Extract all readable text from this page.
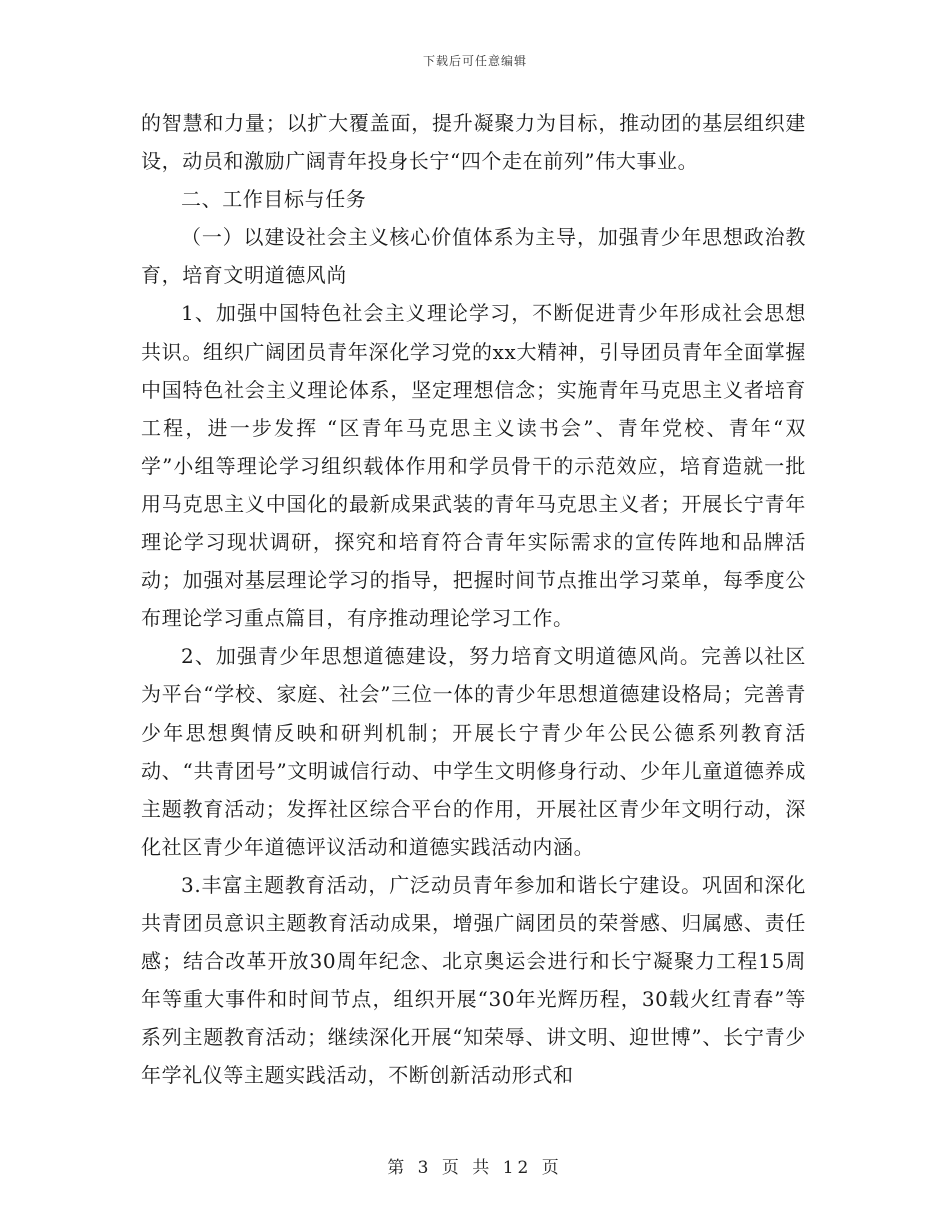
下载后可任意编辑

的智慧和力量；以扩大覆盖面，提升凝聚力为目标，推动团的基层组织建设，动员和激励广阔青年投身长宁“四个走在前列”伟大事业。

二、工作目标与任务

（一）以建设社会主义核心价值体系为主导，加强青少年思想政治教育，培育文明道德风尚

1、加强中国特色社会主义理论学习，不断促进青少年形成社会思想共识。组织广阔团员青年深化学习党的xx大精神，引导团员青年全面掌握中国特色社会主义理论体系，坚定理想信念；实施青年马克思主义者培育工程，进一步发挥 “区青年马克思主义读书会”、青年党校、青年“双学”小组等理论学习组织载体作用和学员骨干的示范效应，培育造就一批用马克思主义中国化的最新成果武装的青年马克思主义者；开展长宁青年理论学习现状调研，探究和培育符合青年实际需求的宣传阵地和品牌活动；加强对基层理论学习的指导，把握时间节点推出学习菜单，每季度公布理论学习重点篇目，有序推动理论学习工作。

2、加强青少年思想道德建设，努力培育文明道德风尚。完善以社区为平台“学校、家庭、社会”三位一体的青少年思想道德建设格局；完善青少年思想舆情反映和研判机制；开展长宁青少年公民公德系列教育活动、“共青团号”文明诚信行动、中学生文明修身行动、少年儿童道德养成主题教育活动；发挥社区综合平台的作用，开展社区青少年文明行动，深化社区青少年道德评议活动和道德实践活动内涵。

3.丰富主题教育活动，广泛动员青年参加和谐长宁建设。巩固和深化共青团员意识主题教育活动成果，增强广阔团员的荣誉感、归属感、责任感；结合改革开放30周年纪念、北京奥运会进行和长宁凝聚力工程15周年等重大事件和时间节点，组织开展“30年光辉历程，30载火红青春”等系列主题教育活动；继续深化开展“知荣辱、讲文明、迎世博”、长宁青少年学礼仪等主题实践活动，不断创新活动形式和

第 3 页 共 12 页
